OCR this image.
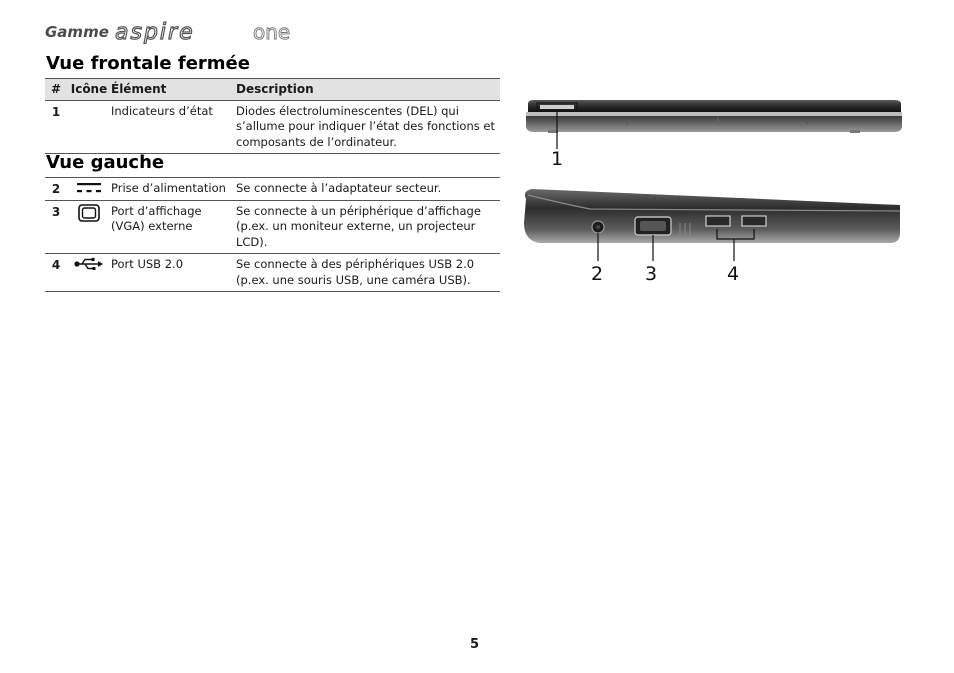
Gamme aspire	one
Vue frontale fermée
#	Icône	Élément	Description
1		Indicateurs d’état	Diodes électroluminescentes (DEL) qui s’allume pour indiquer l’état des fonctions et composants de l’ordinateur.
Vue gauche
2		Prise d’alimentation	Se connecte à l’adaptateur secteur.
3		Port d’affichage (VGA) externe	Se connecte à un périphérique d’affichage (p.ex. un moniteur externe, un projecteur LCD).
4		Port USB 2.0	Se connecte à des périphériques USB 2.0 (p.ex. une souris USB, une caméra USB).
1
2 3	4
5
